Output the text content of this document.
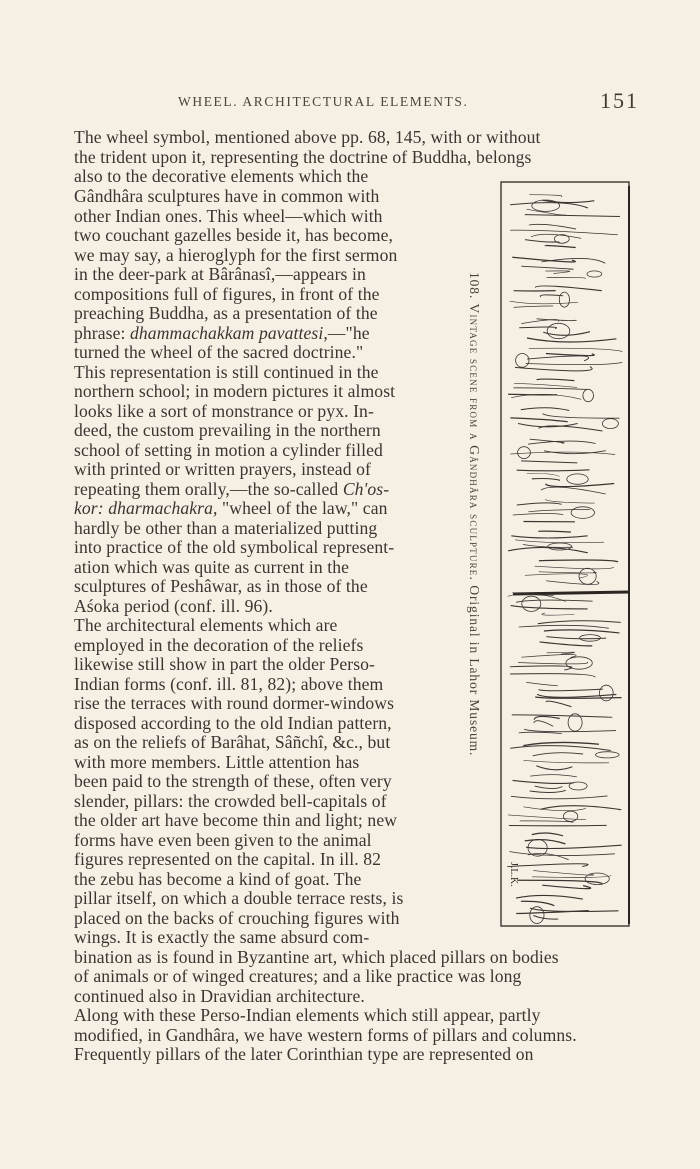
WHEEL. ARCHITECTURAL ELEMENTS.	151
The wheel symbol, mentioned above pp. 68, 145, with or without
the trident upon it, representing the doctrine of Buddha, belongs
also to the decorative elements which the
Gândhâra sculptures have in common with
other Indian ones. This wheel—which with
two couchant gazelles beside it, has become,
we may say, a hieroglyph for the first sermon
in the deer-park at Bârânasî,—appears in
compositions full of figures, in front of the
preaching Buddha, as a presentation of the
phrase: dhammachakkam pavattesi,—"he
turned the wheel of the sacred doctrine."
This representation is still continued in the
northern school; in modern pictures it almost
looks like a sort of monstrance or pyx. In-
deed, the custom prevailing in the northern
school of setting in motion a cylinder filled
with printed or written prayers, instead of
repeating them orally,—the so-called Ch'os-
kor: dharmachakra, "wheel of the law," can
hardly be other than a materialized putting
into practice of the old symbolical represent-
ation which was quite as current in the
sculptures of Peshâwar, as in those of the
Aśoka period (conf. ill. 96).
The architectural elements which are
employed in the decoration of the reliefs
likewise still show in part the older Perso-
Indian forms (conf. ill. 81, 82); above them
rise the terraces with round dormer-windows
disposed according to the old Indian pattern,
as on the reliefs of Barâhat, Sâñchî, &c., but
with more members. Little attention has
been paid to the strength of these, often very
slender, pillars: the crowded bell-capitals of
the older art have become thin and light; new
forms have even been given to the animal
figures represented on the capital. In ill. 82
the zebu has become a kind of goat. The
pillar itself, on which a double terrace rests, is
placed on the backs of crouching figures with
wings. It is exactly the same absurd com-
bination as is found in Byzantine art, which placed pillars on bodies
of animals or of winged creatures; and a like practice was long
continued also in Dravidian architecture.
Along with these Perso-Indian elements which still appear, partly
modified, in Gandhâra, we have western forms of pillars and columns.
Frequently pillars of the later Corinthian type are represented on
108. Vintage scene from a Gândhâra sculpture. Original in Lahor Museum.
J.L.K.
